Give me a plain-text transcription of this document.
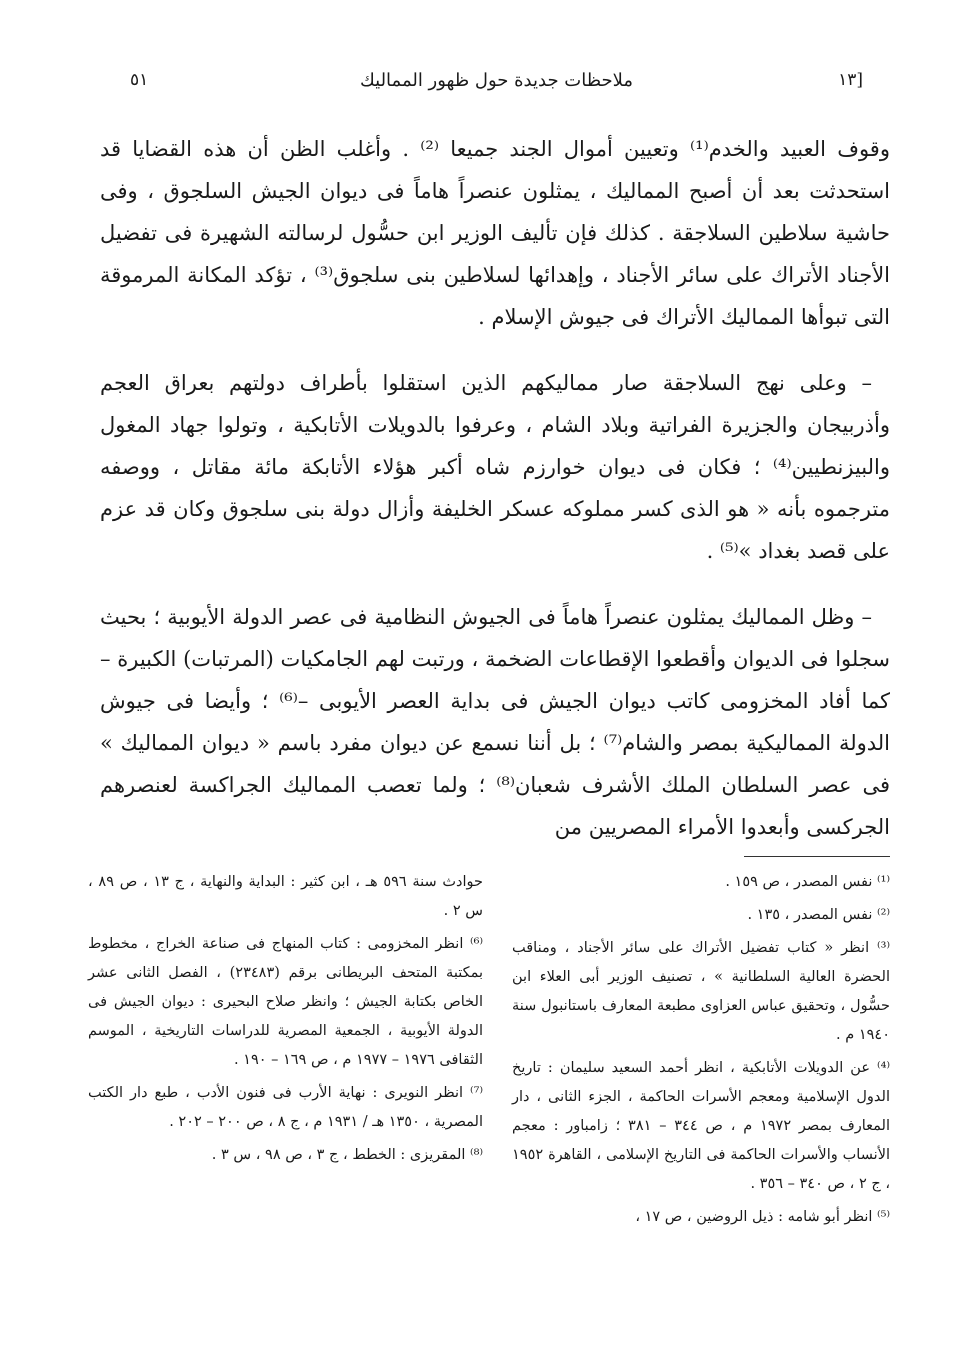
[١٣
ملاحظات جديدة حول ظهور المماليك
٥١

وقوف العبيد والخدم⁽¹⁾ وتعيين أموال الجند جميعا ⁽²⁾ . وأغلب الظن أن هذه القضايا قد استحدثت بعد أن أصبح المماليك ، يمثلون عنصراً هاماً فى ديوان الجيش السلجوق ، وفى حاشية سلاطين السلاجقة . كذلك فإن تأليف الوزير ابن حسُّول لرسالته الشهيرة فى تفضيل الأجناد الأتراك على سائر الأجناد ، وإهدائها لسلاطين بنى سلجوق⁽³⁾ ، تؤكد المكانة المرموقة التى تبوأها المماليك الأتراك فى جيوش الإسلام .

– وعلى نهج السلاجقة صار مماليكهم الذين استقلوا بأطراف دولتهم بعراق العجم وأذربيجان والجزيرة الفراتية وبلاد الشام ، وعرفوا بالدويلات الأتابكية ، وتولوا جهاد المغول والبيزنطيين⁽⁴⁾ ؛ فكان فى ديوان خوارزم شاه أكبر هؤلاء الأتابكة مائة مقاتل ، ووصفه مترجموه بأنه « هو الذى كسر مملوكه عسكر الخليفة وأزال دولة بنى سلجوق وكان قد عزم على قصد بغداد »⁽⁵⁾ .

– وظل المماليك يمثلون عنصراً هاماً فى الجيوش النظامية فى عصر الدولة الأيوبية ؛ بحيث سجلوا فى الديوان وأقطعوا الإقطاعات الضخمة ، ورتبت لهم الجامكيات (المرتبات) الكبيرة – كما أفاد المخزومى كاتب ديوان الجيش فى بداية العصر الأيوبى –⁽⁶⁾ ؛ وأيضا فى جيوش الدولة المماليكية بمصر والشام⁽⁷⁾ ؛ بل أننا نسمع عن ديوان مفرد باسم « ديوان المماليك » فى عصر السلطان الملك الأشرف شعبان⁽⁸⁾ ؛ ولما تعصب المماليك الجراكسة لعنصرهم الجركسى وأبعدوا الأمراء المصريين من

⁽¹⁾ نفس المصدر ، ص ١٥٩ .

⁽²⁾ نفس المصدر ، ١٣٥ .

⁽³⁾ انظر « كتاب تفضيل الأتراك على سائر الأجناد ، ومناقب الحضرة العالية السلطانية » ، تصنيف الوزير أبى العلاء ابن حسُّول ، وتحقيق عباس العزاوى مطبعة المعارف باستانبول سنة ١٩٤٠ م .

⁽⁴⁾ عن الدويلات الأتابكية ، انظر أحمد السعيد سليمان : تاريخ الدول الإسلامية ومعجم الأسرات الحاكمة ، الجزء الثانى ، دار المعارف بمصر ١٩٧٢ م ، ص ٣٤٤ – ٣٨١ ؛ زامباور : معجم الأنساب والأسرات الحاكمة فى التاريخ الإسلامى ، القاهرة ١٩٥٢ ، ج ٢ ، ص ٣٤٠ – ٣٥٦ .

⁽⁵⁾ انظر أبو شامه : ذيل الروضين ، ص ١٧ ،

حوادث سنة ٥٩٦ هـ ، ابن كثير : البداية والنهاية ، ج ١٣ ، ص ٨٩ ، س ٢ .

⁽⁶⁾ انظر المخزومى : كتاب المنهاج فى صناعة الخراج ، مخطوط بمكتبة المتحف البريطانى برقم (٢٣٤٨٣) ، الفصل الثانى عشر الخاص بكتابة الجيش ؛ وانظر صلاح البحيرى : ديوان الجيش فى الدولة الأيوبية ، الجمعية المصرية للدراسات التاريخية ، الموسم الثقافى ١٩٧٦ – ١٩٧٧ م ، ص ١٦٩ – ١٩٠ .

⁽⁷⁾ انظر النويرى : نهاية الأرب فى فنون الأدب ، طبع دار الكتب المصرية ، ١٣٥٠ هـ / ١٩٣١ م ، ج ٨ ، ص ٢٠٠ – ٢٠٢ .

⁽⁸⁾ المقريزى : الخطط ، ج ٣ ، ص ٩٨ ، س ٣ .
